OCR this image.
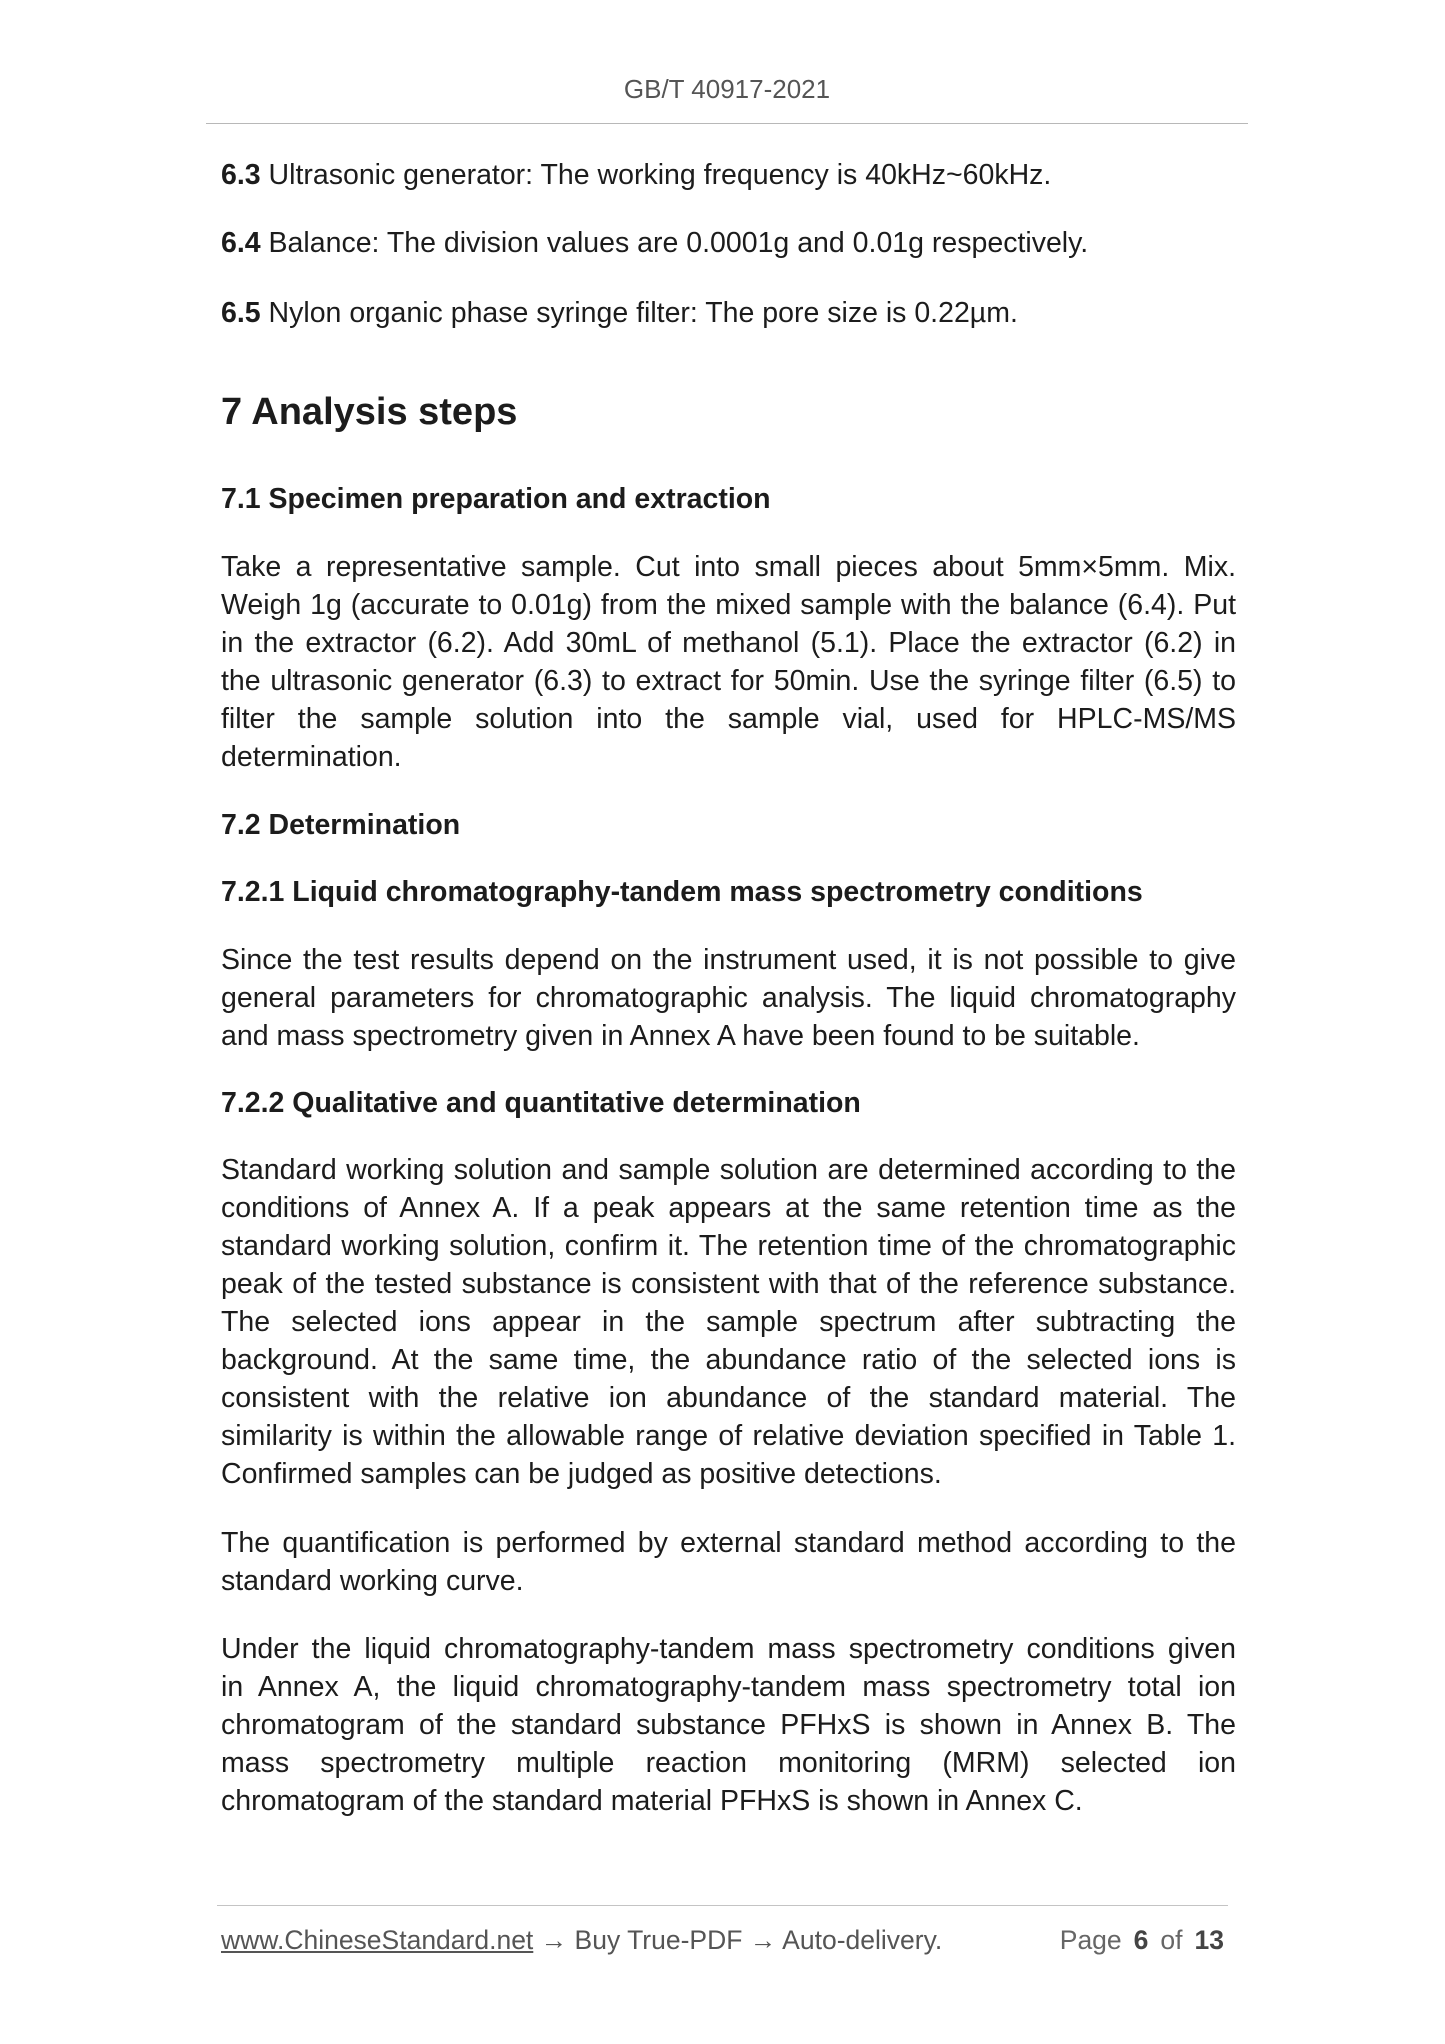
GB/T 40917-2021
6.3 Ultrasonic generator: The working frequency is 40kHz~60kHz.
6.4 Balance: The division values are 0.0001g and 0.01g respectively.
6.5 Nylon organic phase syringe filter: The pore size is 0.22µm.
7 Analysis steps
7.1 Specimen preparation and extraction
Take a representative sample. Cut into small pieces about 5mm×5mm. Mix.
Weigh 1g (accurate to 0.01g) from the mixed sample with the balance (6.4). Put
in the extractor (6.2). Add 30mL of methanol (5.1). Place the extractor (6.2) in
the ultrasonic generator (6.3) to extract for 50min. Use the syringe filter (6.5) to
filter the sample solution into the sample vial, used for HPLC-MS/MS
determination.
7.2 Determination
7.2.1 Liquid chromatography-tandem mass spectrometry conditions
Since the test results depend on the instrument used, it is not possible to give
general parameters for chromatographic analysis. The liquid chromatography
and mass spectrometry given in Annex A have been found to be suitable.
7.2.2 Qualitative and quantitative determination
Standard working solution and sample solution are determined according to the
conditions of Annex A. If a peak appears at the same retention time as the
standard working solution, confirm it. The retention time of the chromatographic
peak of the tested substance is consistent with that of the reference substance.
The selected ions appear in the sample spectrum after subtracting the
background. At the same time, the abundance ratio of the selected ions is
consistent with the relative ion abundance of the standard material. The
similarity is within the allowable range of relative deviation specified in Table 1.
Confirmed samples can be judged as positive detections.
The quantification is performed by external standard method according to the
standard working curve.
Under the liquid chromatography-tandem mass spectrometry conditions given
in Annex A, the liquid chromatography-tandem mass spectrometry total ion
chromatogram of the standard substance PFHxS is shown in Annex B. The
mass spectrometry multiple reaction monitoring (MRM) selected ion
chromatogram of the standard material PFHxS is shown in Annex C.
www.ChineseStandard.net → Buy True-PDF → Auto-delivery.	Page 6 of 13
